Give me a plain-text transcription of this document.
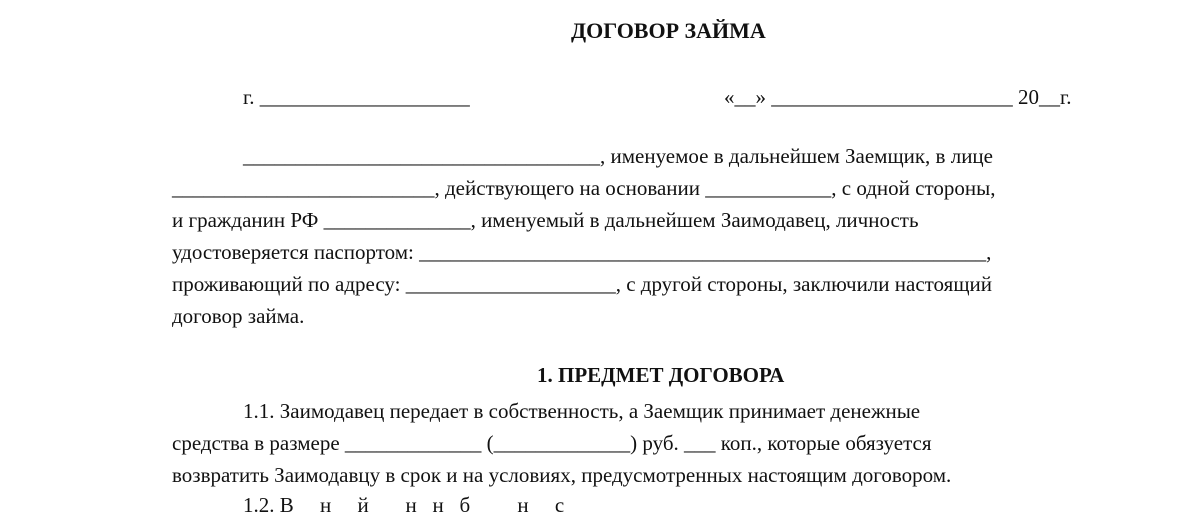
ДОГОВОР ЗАЙМА
г. ____________________	«__» _______________________ 20__г.
__________________________________, именуемое в дальнейшем Заемщик, в лице
_________________________, действующего на основании ____________, с одной стороны,
и гражданин РФ ______________, именуемый в дальнейшем Заимодавец, личность
удостоверяется паспортом: ______________________________________________________,
проживающий по адресу: ____________________, с другой стороны, заключили настоящий
договор займа.
1. ПРЕДМЕТ ДОГОВОРА
1.1. Заимодавец передает в собственность, а Заемщик принимает денежные
средства в размере _____________ (_____________) руб. ___ коп., которые обязуется
возвратить Заимодавцу в срок и на условиях, предусмотренных настоящим договором.
1.2. В     н     й       н   н   б         н     с
